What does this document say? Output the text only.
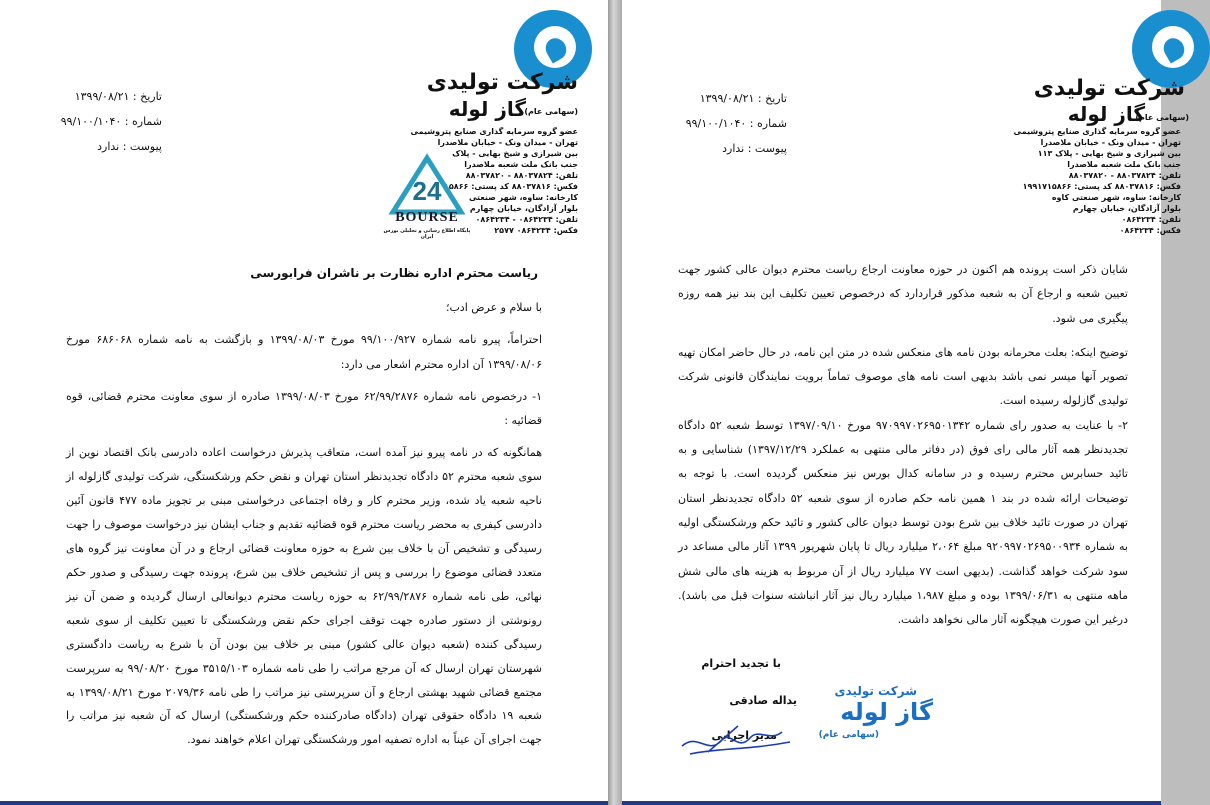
شرکت تولیدی
گاز لوله
(سهامی عام)
عضو گروه سرمایه گذاری صنایع پتروشیمی
تهران - میدان ونک - خیابان ملاصدرا
بین شیرازی و شیخ بهایی - پلاک
جنب بانک ملت شعبه ملاصدرا
تلفن: ۸۸۰۳۷۸۲۴ - ۸۸۰۳۷۸۲۰
فکس: ۸۸۰۳۷۸۱۶ کد پستی: ۱۵۸۶۶
کارخانه: ساوه، شهر صنعتی
بلوار آزادگان، خیابان چهارم
تلفن: ۰۸۶۴۲۳۴ - ۰۸۶۴۲۳۴
فکس: ۰۸۶۴۲۳۴ ۲۵۷۷
تاریخ : ۱۳۹۹/۰۸/۲۱
شماره : ۹۹/۱۰۰/۱۰۴۰
پیوست : ندارد
24
BOURSE
پایگاه اطلاع رسانی و تحلیلی بورس ایران
ریاست محترم اداره نظارت بر ناشران فرابورسی

با سلام و عرض ادب؛

احتراماً، پیرو نامه شماره ۹۹/۱۰۰/۹۲۷ مورخ ۱۳۹۹/۰۸/۰۳ و بازگشت به نامه شماره ۶۸۶۰۶۸ مورخ ۱۳۹۹/۰۸/۰۶ آن اداره محترم اشعار می دارد:

۱- درخصوص نامه شماره ۶۲/۹۹/۲۸۷۶ مورخ ۱۳۹۹/۰۸/۰۳ صادره از سوی معاونت محترم قضائی، قوه قضائیه :

همانگونه که در نامه پیرو نیز آمده است، متعاقب پذیرش درخواست اعاده دادرسی بانک اقتصاد نوین از سوی شعبه محترم ۵۲ دادگاه تجدیدنظر استان تهران و نقض حکم ورشکستگی، شرکت تولیدی گازلوله از ناحیه شعبه یاد شده، وزیر محترم کار و رفاه اجتماعی درخواستی مبنی بر تجویز ماده ۴۷۷ قانون آئین دادرسی کیفری به محضر ریاست محترم قوه قضائیه تقدیم و جناب ایشان نیز درخواست موصوف را جهت رسیدگی و تشخیص آن با خلاف بین شرع به حوزه معاونت قضائی ارجاع و در آن معاونت نیز گروه های متعدد قضائی موضوع را بررسی و پس از تشخیص خلاف بین شرع، پرونده جهت رسیدگی و صدور حکم نهائی، طی نامه شماره ۶۲/۹۹/۲۸۷۶ به حوزه ریاست محترم دیوانعالی ارسال گردیده و ضمن آن نیز رونوشتی از دستور صادره جهت توقف اجرای حکم نقض ورشکستگی تا تعیین تکلیف از سوی شعبه رسیدگی کننده (شعبه دیوان عالی کشور) مبنی بر خلاف بین بودن آن با شرع به ریاست دادگستری شهرستان تهران ارسال که آن مرجع مراتب را طی نامه شماره ۳۵۱۵/۱۰۳ مورخ ۹۹/۰۸/۲۰ به سرپرست مجتمع قضائی شهید بهشتی ارجاع و آن سرپرستی نیز مراتب را طی نامه ۲۰۷۹/۳۶ مورخ ۱۳۹۹/۰۸/۲۱ به شعبه ۱۹ دادگاه حقوقی تهران (دادگاه صادرکننده حکم ورشکستگی) ارسال که آن شعبه نیز مراتب را جهت اجرای آن عیناً به اداره تصفیه امور ورشکستگی تهران اعلام خواهند نمود.

شرکت تولیدی
گاز لوله
(سهامی عام)
عضو گروه سرمایه گذاری صنایع پتروشیمی
تهران - میدان ونک - خیابان ملاصدرا
بین شیرازی و شیخ بهایی - پلاک ۱۱۳
جنب بانک ملت شعبه ملاصدرا
تلفن: ۸۸۰۳۷۸۲۴ - ۸۸۰۳۷۸۲۰
فکس: ۸۸۰۳۷۸۱۶ کد پستی: ۱۹۹۱۷۱۵۸۶۶
کارخانه: ساوه، شهر صنعتی کاوه
بلوار آزادگان، خیابان چهارم
تلفن: ۰۸۶۴۲۳۴
فکس: ۰۸۶۴۲۳۴
تاریخ : ۱۳۹۹/۰۸/۲۱
شماره : ۹۹/۱۰۰/۱۰۴۰
پیوست : ندارد

شایان ذکر است پرونده هم اکنون در حوزه معاونت ارجاع ریاست محترم دیوان عالی کشور جهت تعیین شعبه و ارجاع آن به شعبه مذکور قراردارد که درخصوص تعیین تکلیف این بند نیز همه روزه پیگیری می شود.

توضیح اینکه: بعلت محرمانه بودن نامه های منعکس شده در متن این نامه، در حال حاضر امکان تهیه تصویر آنها میسر نمی باشد بدیهی است نامه های موصوف تماماً برویت نمایندگان قانونی شرکت تولیدی گازلوله رسیده است.

۲- با عنایت به صدور رای شماره ۹۷۰۹۹۷۰۲۶۹۵۰۱۳۴۲ مورخ ۱۳۹۷/۰۹/۱۰ توسط شعبه ۵۲ دادگاه تجدیدنظر همه آثار مالی رای فوق (در دفاتر مالی منتهی به عملکرد ۱۳۹۷/۱۲/۲۹) شناسایی و به تائید حسابرس محترم رسیده و در سامانه کدال بورس نیز منعکس گردیده است. با توجه به توضیحات ارائه شده در بند ۱ همین نامه حکم صادره از سوی شعبه ۵۲ دادگاه تجدیدنظر استان تهران در صورت تائید خلاف بین شرع بودن توسط دیوان عالی کشور و تائید حکم ورشکستگی اولیه به شماره ۹۲۰۹۹۷۰۲۶۹۵۰۰۹۳۴ مبلغ ۲،۰۶۴ میلیارد ریال تا پایان شهریور ۱۳۹۹ آثار مالی مساعد در سود شرکت خواهد گذاشت. (بدیهی است ۷۷ میلیارد ریال از آن مربوط به هزینه های مالی شش ماهه منتهی به ۱۳۹۹/۰۶/۳۱ بوده و مبلغ ۱،۹۸۷ میلیارد ریال نیز آثار انباشته سنوات قبل می باشد). درغیر این صورت هیچگونه آثار مالی نخواهد داشت.

با تجدید احترام
یداله صادقی
مدیر اجرایی
شرکت تولیدی
گاز لوله
(سهامی عام)
